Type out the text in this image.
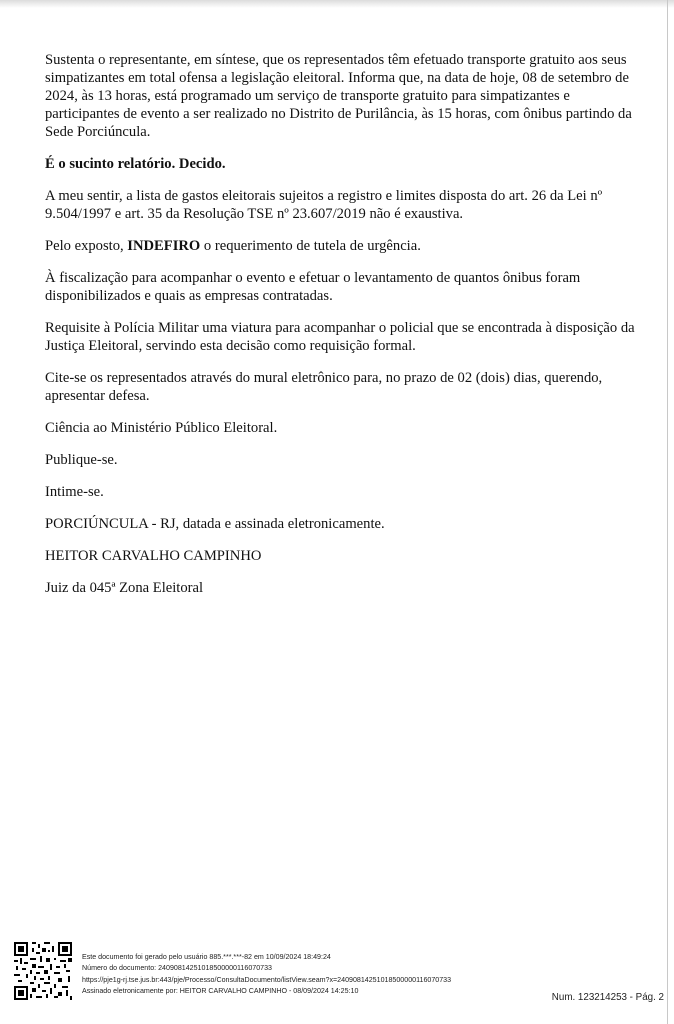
Sustenta o representante, em síntese, que os representados têm efetuado transporte gratuito aos seus simpatizantes em total ofensa a legislação eleitoral. Informa que, na data de hoje, 08 de setembro de 2024, às 13 horas, está programado um serviço de transporte gratuito para simpatizantes e participantes de evento a ser realizado no Distrito de Purilância, às 15 horas, com ônibus partindo da Sede Porciúncula.

É o sucinto relatório. Decido.

A meu sentir, a lista de gastos eleitorais sujeitos a registro e limites disposta do art. 26 da Lei nº 9.504/1997 e art. 35 da Resolução TSE nº 23.607/2019 não é exaustiva.

Pelo exposto, INDEFIRO o requerimento de tutela de urgência.

À fiscalização para acompanhar o evento e efetuar o levantamento de quantos ônibus foram disponibilizados e quais as empresas contratadas.

Requisite à Polícia Militar uma viatura para acompanhar o policial que se encontrada à disposição da Justiça Eleitoral, servindo esta decisão como requisição formal.

Cite-se os representados através do mural eletrônico para, no prazo de 02 (dois) dias, querendo, apresentar defesa.

Ciência ao Ministério Público Eleitoral.

Publique-se.

Intime-se.

PORCIÚNCULA - RJ, datada e assinada eletronicamente.

HEITOR CARVALHO CAMPINHO

Juiz da 045ª Zona Eleitoral

Este documento foi gerado pelo usuário 885.***.***-82 em 10/09/2024 18:49:24
Número do documento: 24090814251018500000116070733
https://pje1g-rj.tse.jus.br:443/pje/Processo/ConsultaDocumento/listView.seam?x=24090814251018500000116070733
Assinado eletronicamente por: HEITOR CARVALHO CAMPINHO - 08/09/2024 14:25:10
Num. 123214253 - Pág. 2
